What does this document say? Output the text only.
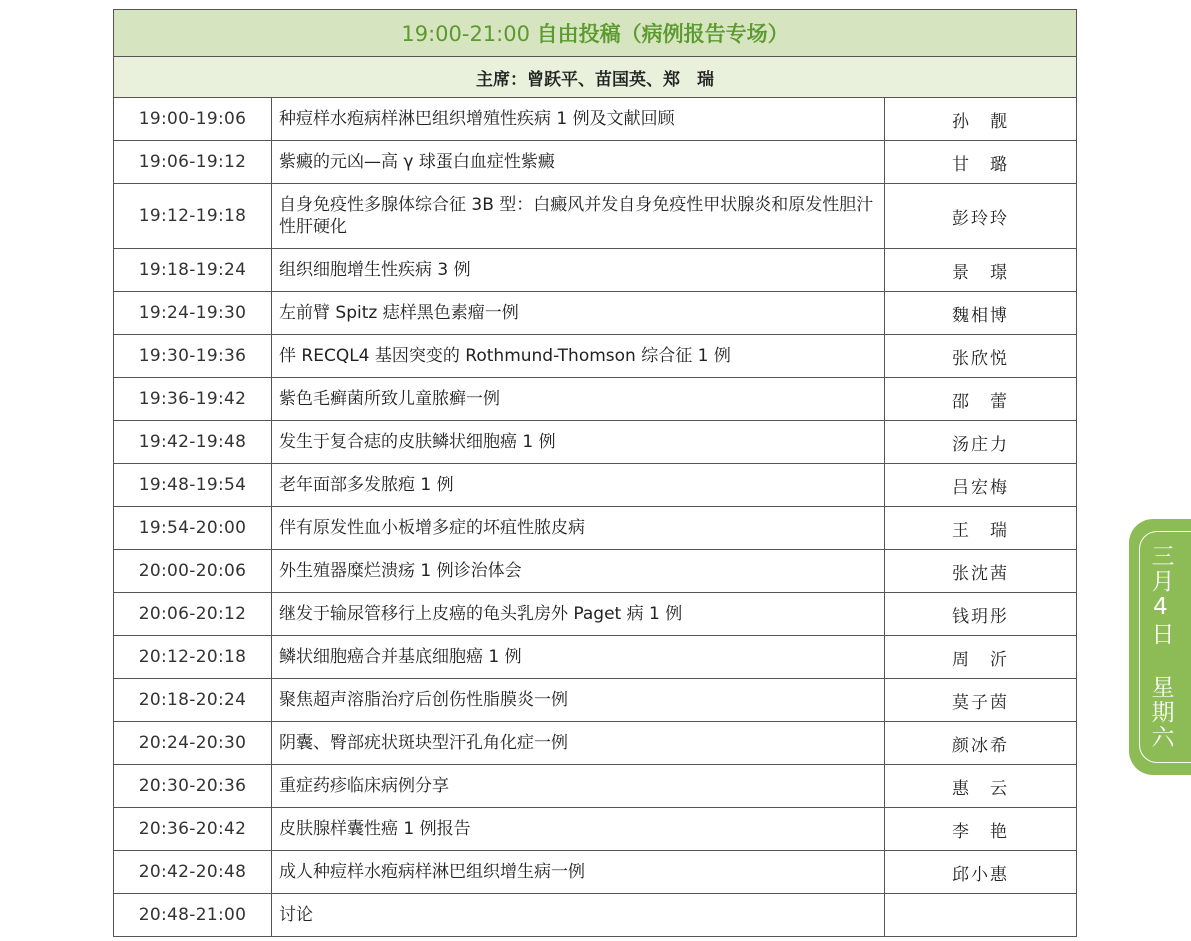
19:00-21:00 自由投稿（病例报告专场）		
主席：曾跃平、苗国英、郑　瑞		
19:00-19:06	种痘样水疱病样淋巴组织增殖性疾病 1 例及文献回顾	孙　靓
19:06-19:12	紫癜的元凶—高 γ 球蛋白血症性紫癜	甘　璐
19:12-19:18	自身免疫性多腺体综合征 3B 型：白癜风并发自身免疫性甲状腺炎和原发性胆汁性肝硬化	彭玲玲
19:18-19:24	组织细胞增生性疾病 3 例	景　璟
19:24-19:30	左前臂 Spitz 痣样黑色素瘤一例	魏相博
19:30-19:36	伴 RECQL4 基因突变的 Rothmund-Thomson 综合征 1 例	张欣悦
19:36-19:42	紫色毛癣菌所致儿童脓癣一例	邵　蕾
19:42-19:48	发生于复合痣的皮肤鳞状细胞癌 1 例	汤庄力
19:48-19:54	老年面部多发脓疱 1 例	吕宏梅
19:54-20:00	伴有原发性血小板增多症的坏疽性脓皮病	王　瑞
20:00-20:06	外生殖器糜烂溃疡 1 例诊治体会	张沈茜
20:06-20:12	继发于输尿管移行上皮癌的龟头乳房外 Paget 病 1 例	钱玥彤
20:12-20:18	鳞状细胞癌合并基底细胞癌 1 例	周　沂
20:18-20:24	聚焦超声溶脂治疗后创伤性脂膜炎一例	莫子茵
20:24-20:30	阴囊、臀部疣状斑块型汗孔角化症一例	颜冰希
20:30-20:36	重症药疹临床病例分享	惠　云
20:36-20:42	皮肤腺样囊性癌 1 例报告	李　艳
20:42-20:48	成人种痘样水疱病样淋巴组织增生病一例	邱小惠
20:48-21:00	讨论	
三月4日 星期六
